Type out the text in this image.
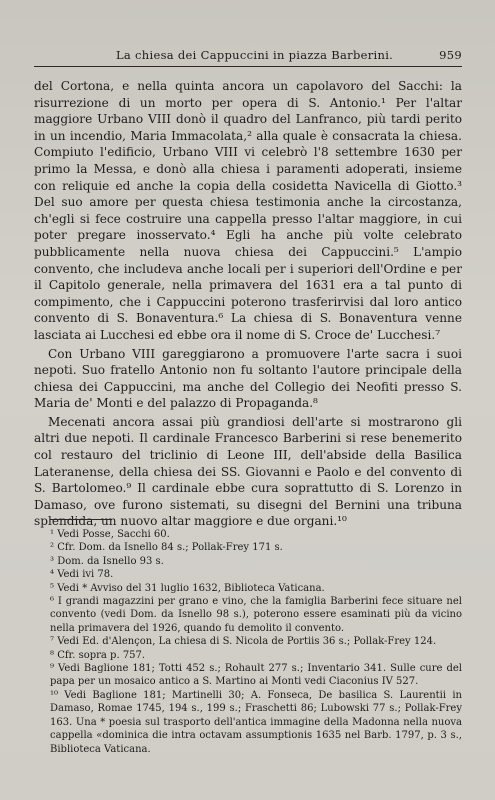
La chiesa dei Cappuccini in piazza Barberini.	959

del Cortona, e nella quinta ancora un capolavoro del Sacchi: la risurrezione di un morto per opera di S. Antonio.¹ Per l'altar maggiore Urbano VIII donò il quadro del Lanfranco, più tardi perito in un incendio, Maria Immacolata,² alla quale è consacrata la chiesa. Compiuto l'edificio, Urbano VIII vi celebrò l'8 settembre 1630 per primo la Messa, e donò alla chiesa i paramenti adoperati, insieme con reliquie ed anche la copia della cosidetta Navicella di Giotto.³ Del suo amore per questa chiesa testimonia anche la circostanza, ch'egli si fece costruire una cappella presso l'altar maggiore, in cui poter pregare inosservato.⁴ Egli ha anche più volte celebrato pubblicamente nella nuova chiesa dei Cappuccini.⁵ L'ampio convento, che includeva anche locali per i superiori dell'Ordine e per il Capitolo generale, nella primavera del 1631 era a tal punto di compimento, che i Cappuccini poterono trasferirvisi dal loro antico convento di S. Bonaventura.⁶ La chiesa di S. Bonaventura venne lasciata ai Lucchesi ed ebbe ora il nome di S. Croce de' Lucchesi.⁷

Con Urbano VIII gareggiarono a promuovere l'arte sacra i suoi nepoti. Suo fratello Antonio non fu soltanto l'autore principale della chiesa dei Cappuccini, ma anche del Collegio dei Neofiti presso S. Maria de' Monti e del palazzo di Propaganda.⁸

Mecenati ancora assai più grandiosi dell'arte si mostrarono gli altri due nepoti. Il cardinale Francesco Barberini si rese benemerito col restauro del triclinio di Leone III, dell'abside della Basilica Lateranense, della chiesa dei SS. Giovanni e Paolo e del convento di S. Bartolomeo.⁹ Il cardinale ebbe cura soprattutto di S. Lorenzo in Damaso, ove furono sistemati, su disegni del Bernini una tribuna splendida, un nuovo altar maggiore e due organi.¹⁰

¹ Vedi Posse, Sacchi 60.

² Cfr. Dom. da Isnello 84 s.; Pollak-Frey 171 s.

³ Dom. da Isnello 93 s.

⁴ Vedi ivi 78.

⁵ Vedi * Avviso del 31 luglio 1632, Biblioteca Vaticana.

⁶ I grandi magazzini per grano e vino, che la famiglia Barberini fece situare nel convento (vedi Dom. da Isnello 98 s.), poterono essere esaminati più da vicino nella primavera del 1926, quando fu demolito il convento.

⁷ Vedi Ed. d'Alençon, La chiesa di S. Nicola de Portiis 36 s.; Pollak-Frey 124.

⁸ Cfr. sopra p. 757.

⁹ Vedi Baglione 181; Totti 452 s.; Rohault 277 s.; Inventario 341. Sulle cure del papa per un mosaico antico a S. Martino ai Monti vedi Ciaconius IV 527.

¹⁰ Vedi Baglione 181; Martinelli 30; A. Fonseca, De basilica S. Laurentii in Damaso, Romae 1745, 194 s., 199 s.; Fraschetti 86; Lubowski 77 s.; Pollak-Frey 163. Una * poesia sul trasporto dell'antica immagine della Madonna nella nuova cappella «dominica die intra octavam assumptionis 1635 nel Barb. 1797, p. 3 s., Biblioteca Vaticana.
